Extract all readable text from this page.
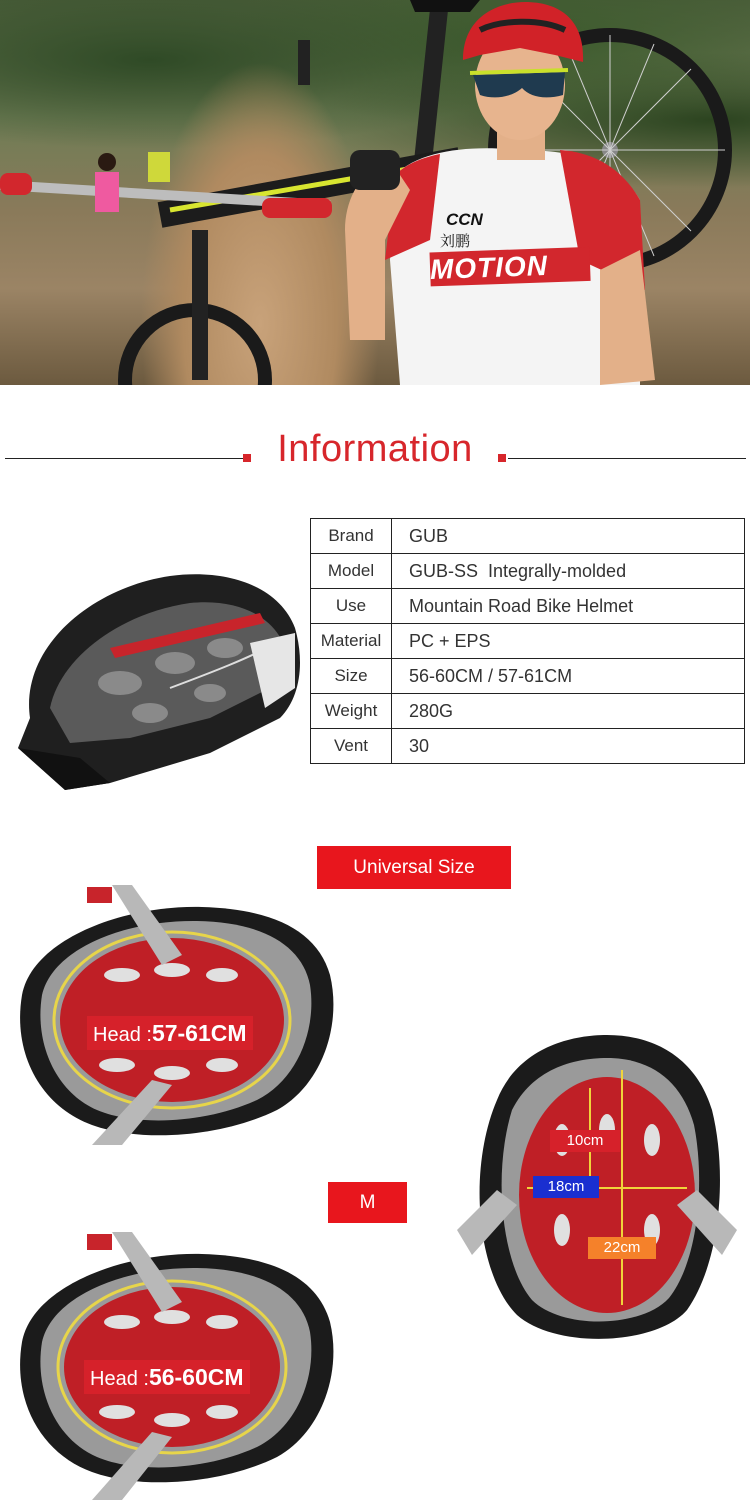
CCN
刘鹏
MOTION
Information
Brand	GUB
Model	GUB-SS  Integrally-molded
Use	Mountain Road Bike Helmet
Material	PC + EPS
Size	56-60CM / 57-61CM
Weight	280G
Vent	30
Universal Size
Head :57-61CM
10cm
18cm
22cm
M
Head :56-60CM
